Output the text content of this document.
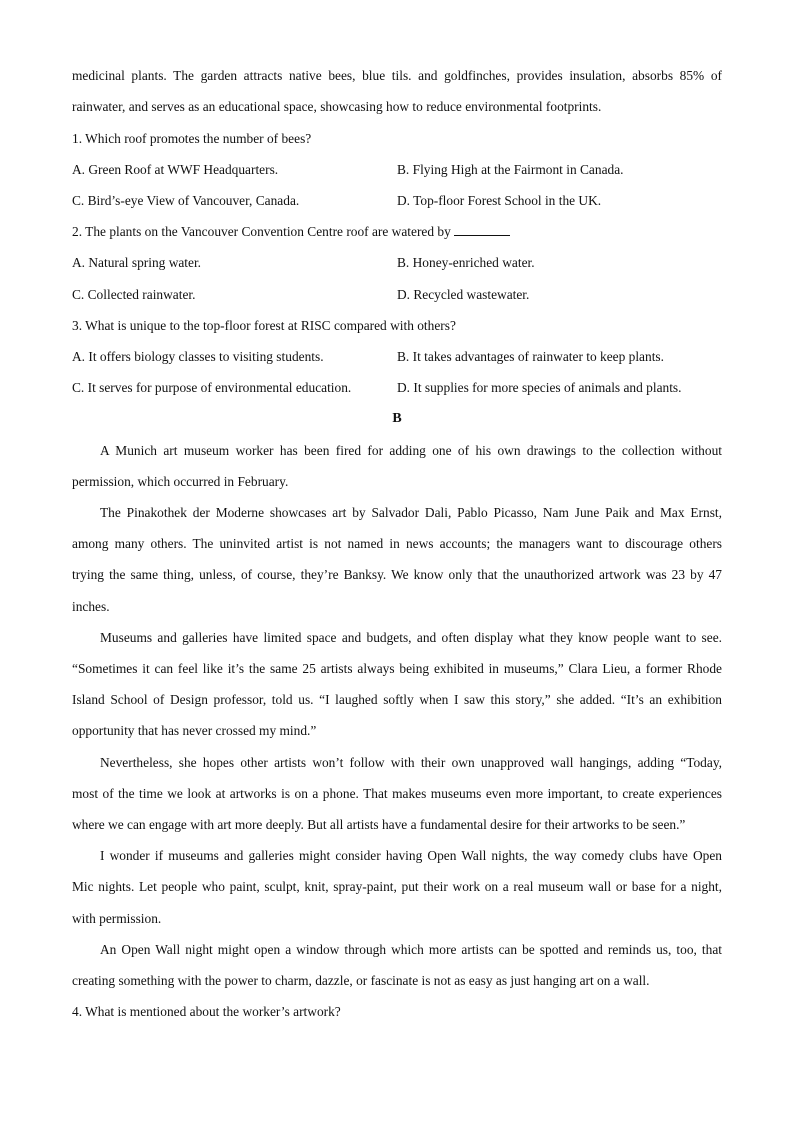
medicinal plants. The garden attracts native bees, blue tils. and goldfinches, provides insulation, absorbs 85% of
rainwater, and serves as an educational space, showcasing how to reduce environmental footprints.
1. Which roof promotes the number of bees?
A. Green Roof at WWF Headquarters.	B. Flying High at the Fairmont in Canada.
C. Bird’s-eye View of Vancouver, Canada.	D. Top-floor Forest School in the UK.
2. The plants on the Vancouver Convention Centre roof are watered by
A. Natural spring water.	B. Honey-enriched water.
C. Collected rainwater.	D. Recycled wastewater.
3. What is unique to the top-floor forest at RISC compared with others?
A. It offers biology classes to visiting students.	B. It takes advantages of rainwater to keep plants.
C. It serves for purpose of environmental education.	D. It supplies for more species of animals and plants.
B
A Munich art museum worker has been fired for adding one of his own drawings to the collection without
permission, which occurred in February.
The Pinakothek der Moderne showcases art by Salvador Dali, Pablo Picasso, Nam June Paik and Max Ernst,
among many others. The uninvited artist is not named in news accounts; the managers want to discourage others
trying the same thing, unless, of course, they’re Banksy. We know only that the unauthorized artwork was 23 by 47
inches.
Museums and galleries have limited space and budgets, and often display what they know people want to see.
“Sometimes it can feel like it’s the same 25 artists always being exhibited in museums,” Clara Lieu, a former Rhode
Island School of Design professor, told us. “I laughed softly when I saw this story,” she added. “It’s an exhibition
opportunity that has never crossed my mind.”
Nevertheless, she hopes other artists won’t follow with their own unapproved wall hangings, adding “Today,
most of the time we look at artworks is on a phone. That makes museums even more important, to create experiences
where we can engage with art more deeply. But all artists have a fundamental desire for their artworks to be seen.”
I wonder if museums and galleries might consider having Open Wall nights, the way comedy clubs have Open
Mic nights. Let people who paint, sculpt, knit, spray-paint, put their work on a real museum wall or base for a night,
with permission.
An Open Wall night might open a window through which more artists can be spotted and reminds us, too, that
creating something with the power to charm, dazzle, or fascinate is not as easy as just hanging art on a wall.
4. What is mentioned about the worker’s artwork?
